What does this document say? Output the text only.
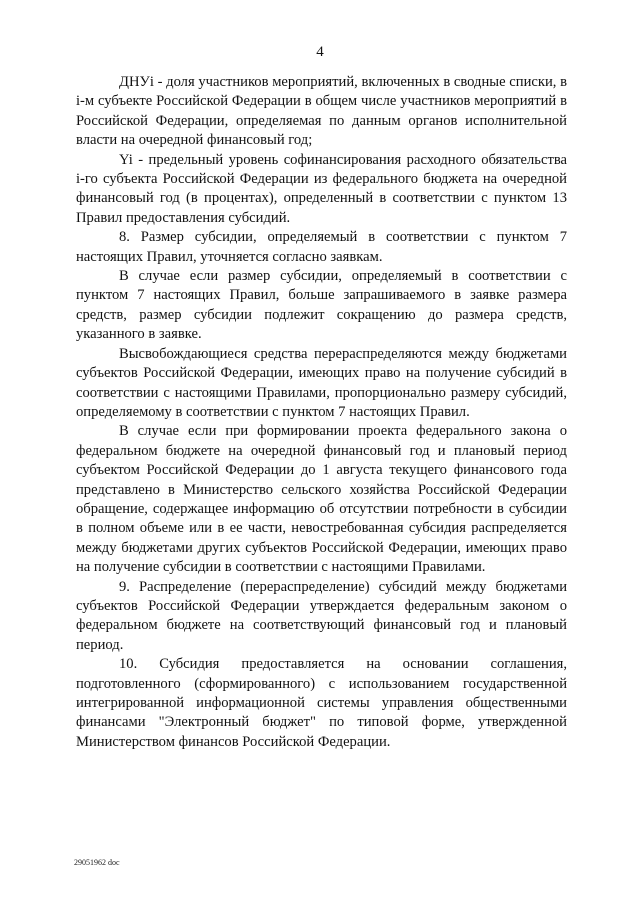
4

ДНУi - доля участников мероприятий, включенных в сводные списки, в i-м субъекте Российской Федерации в общем числе участников мероприятий в Российской Федерации, определяемая по данным органов исполнительной власти на очередной финансовый год;

Yi - предельный уровень софинансирования расходного обязательства i-го субъекта Российской Федерации из федерального бюджета на очередной финансовый год (в процентах), определенный в соответствии с пунктом 13 Правил предоставления субсидий.

8. Размер субсидии, определяемый в соответствии с пунктом 7 настоящих Правил, уточняется согласно заявкам.

В случае если размер субсидии, определяемый в соответствии с пунктом 7 настоящих Правил, больше запрашиваемого в заявке размера средств, размер субсидии подлежит сокращению до размера средств, указанного в заявке.

Высвобождающиеся средства перераспределяются между бюджетами субъектов Российской Федерации, имеющих право на получение субсидий в соответствии с настоящими Правилами, пропорционально размеру субсидий, определяемому в соответствии с пунктом 7 настоящих Правил.

В случае если при формировании проекта федерального закона о федеральном бюджете на очередной финансовый год и плановый период субъектом Российской Федерации до 1 августа текущего финансового года представлено в Министерство сельского хозяйства Российской Федерации обращение, содержащее информацию об отсутствии потребности в субсидии в полном объеме или в ее части, невостребованная субсидия распределяется между бюджетами других субъектов Российской Федерации, имеющих право на получение субсидии в соответствии с настоящими Правилами.

9. Распределение (перераспределение) субсидий между бюджетами субъектов Российской Федерации утверждается федеральным законом о федеральном бюджете на соответствующий финансовый год и плановый период.

10. Субсидия предоставляется на основании соглашения, подготовленного (сформированного) с использованием государственной интегрированной информационной системы управления общественными финансами "Электронный бюджет" по типовой форме, утвержденной Министерством финансов Российской Федерации.

29051962 doc
